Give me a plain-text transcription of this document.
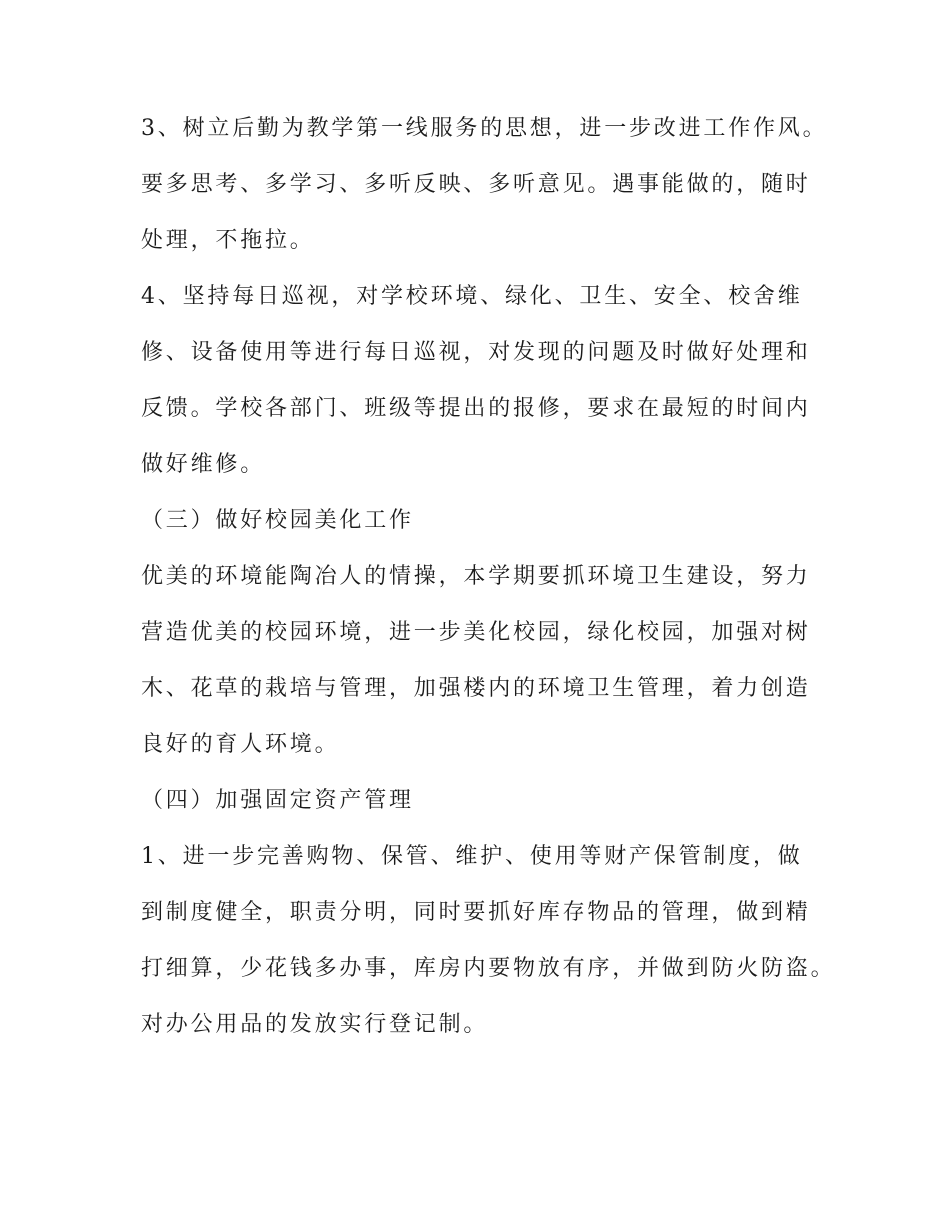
3、树立后勤为教学第一线服务的思想，进一步改进工作作风。
要多思考、多学习、多听反映、多听意见。遇事能做的，随时
处理，不拖拉。
4、坚持每日巡视，对学校环境、绿化、卫生、安全、校舍维
修、设备使用等进行每日巡视，对发现的问题及时做好处理和
反馈。学校各部门、班级等提出的报修，要求在最短的时间内
做好维修。
（三）做好校园美化工作
优美的环境能陶冶人的情操，本学期要抓环境卫生建设，努力
营造优美的校园环境，进一步美化校园，绿化校园，加强对树
木、花草的栽培与管理，加强楼内的环境卫生管理，着力创造
良好的育人环境。
（四）加强固定资产管理
1、进一步完善购物、保管、维护、使用等财产保管制度，做
到制度健全，职责分明，同时要抓好库存物品的管理，做到精
打细算，少花钱多办事，库房内要物放有序，并做到防火防盗。
对办公用品的发放实行登记制。
